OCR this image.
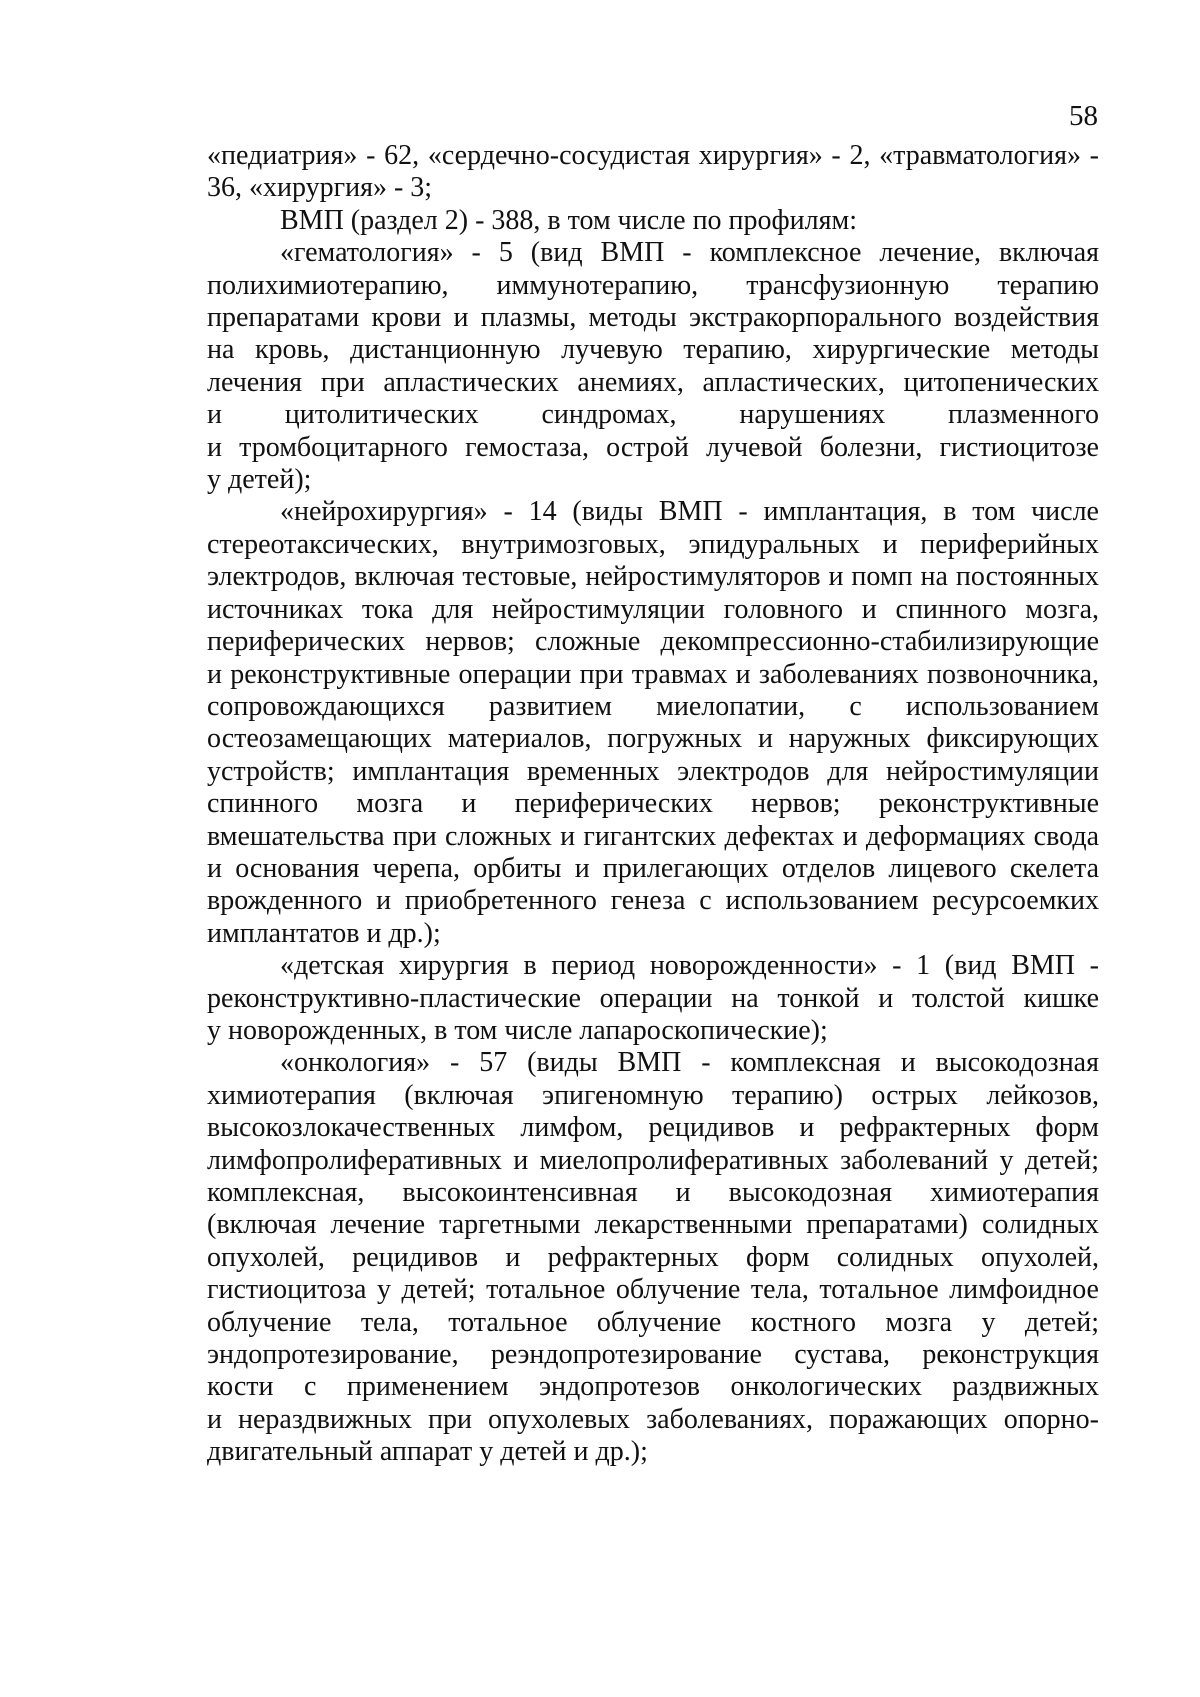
58
«педиатрия» - 62, «сердечно-сосудистая хирургия» - 2, «травматология» -
36, «хирургия» - 3;
ВМП (раздел 2) - 388, в том числе по профилям:
«гематология» - 5 (вид ВМП - комплексное лечение, включая
полихимиотерапию, иммунотерапию, трансфузионную терапию
препаратами крови и плазмы, методы экстракорпорального воздействия
на кровь, дистанционную лучевую терапию, хирургические методы
лечения при апластических анемиях, апластических, цитопенических
и цитолитических синдромах, нарушениях плазменного
и тромбоцитарного гемостаза, острой лучевой болезни, гистиоцитозе
у детей);
«нейрохирургия» - 14 (виды ВМП - имплантация, в том числе
стереотаксических, внутримозговых, эпидуральных и периферийных
электродов, включая тестовые, нейростимуляторов и помп на постоянных
источниках тока для нейростимуляции головного и спинного мозга,
периферических нервов; сложные декомпрессионно-стабилизирующие
и реконструктивные операции при травмах и заболеваниях позвоночника,
сопровождающихся развитием миелопатии, с использованием
остеозамещающих материалов, погружных и наружных фиксирующих
устройств; имплантация временных электродов для нейростимуляции
спинного мозга и периферических нервов; реконструктивные
вмешательства при сложных и гигантских дефектах и деформациях свода
и основания черепа, орбиты и прилегающих отделов лицевого скелета
врожденного и приобретенного генеза с использованием ресурсоемких
имплантатов и др.);
«детская хирургия в период новорожденности» - 1 (вид ВМП -
реконструктивно-пластические операции на тонкой и толстой кишке
у новорожденных, в том числе лапароскопические);
«онкология» - 57 (виды ВМП - комплексная и высокодозная
химиотерапия (включая эпигеномную терапию) острых лейкозов,
высокозлокачественных лимфом, рецидивов и рефрактерных форм
лимфопролиферативных и миелопролиферативных заболеваний у детей;
комплексная, высокоинтенсивная и высокодозная химиотерапия
(включая лечение таргетными лекарственными препаратами) солидных
опухолей, рецидивов и рефрактерных форм солидных опухолей,
гистиоцитоза у детей; тотальное облучение тела, тотальное лимфоидное
облучение тела, тотальное облучение костного мозга у детей;
эндопротезирование, реэндопротезирование сустава, реконструкция
кости с применением эндопротезов онкологических раздвижных
и нераздвижных при опухолевых заболеваниях, поражающих опорно-
двигательный аппарат у детей и др.);
